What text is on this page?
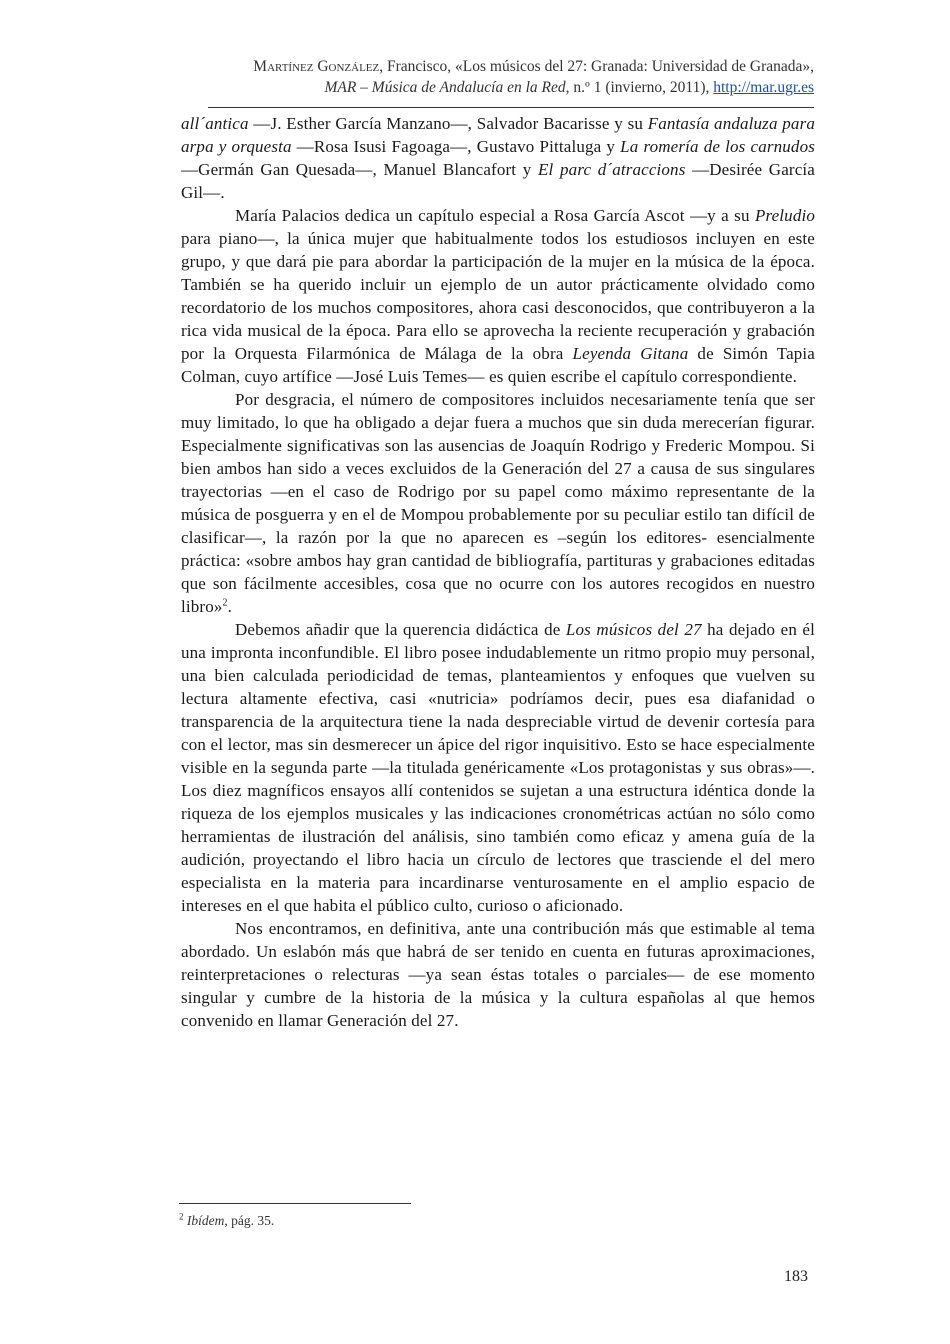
Martínez González, Francisco, «Los músicos del 27: Granada: Universidad de Granada»,
MAR – Música de Andalucía en la Red, n.º 1 (invierno, 2011), http://mar.ugr.es

all´antica —J. Esther García Manzano—, Salvador Bacarisse y su Fantasía andaluza para arpa y orquesta —Rosa Isusi Fagoaga—, Gustavo Pittaluga y La romería de los carnudos —Germán Gan Quesada—, Manuel Blancafort y El parc d´atraccions —Desirée García Gil—.

María Palacios dedica un capítulo especial a Rosa García Ascot —y a su Preludio para piano—, la única mujer que habitualmente todos los estudiosos incluyen en este grupo, y que dará pie para abordar la participación de la mujer en la música de la época. También se ha querido incluir un ejemplo de un autor prácticamente olvidado como recordatorio de los muchos compositores, ahora casi desconocidos, que contribuyeron a la rica vida musical de la época. Para ello se aprovecha la reciente recuperación y grabación por la Orquesta Filarmónica de Málaga de la obra Leyenda Gitana de Simón Tapia Colman, cuyo artífice —José Luis Temes— es quien escribe el capítulo correspondiente.

Por desgracia, el número de compositores incluidos necesariamente tenía que ser muy limitado, lo que ha obligado a dejar fuera a muchos que sin duda merecerían figurar. Especialmente significativas son las ausencias de Joaquín Rodrigo y Frederic Mompou. Si bien ambos han sido a veces excluidos de la Generación del 27 a causa de sus singulares trayectorias —en el caso de Rodrigo por su papel como máximo representante de la música de posguerra y en el de Mompou probablemente por su peculiar estilo tan difícil de clasificar—, la razón por la que no aparecen es –según los editores- esencialmente práctica: «sobre ambos hay gran cantidad de bibliografía, partituras y grabaciones editadas que son fácilmente accesibles, cosa que no ocurre con los autores recogidos en nuestro libro»$^2$.

Debemos añadir que la querencia didáctica de Los músicos del 27 ha dejado en él una impronta inconfundible. El libro posee indudablemente un ritmo propio muy personal, una bien calculada periodicidad de temas, planteamientos y enfoques que vuelven su lectura altamente efectiva, casi «nutricia» podríamos decir, pues esa diafanidad o transparencia de la arquitectura tiene la nada despreciable virtud de devenir cortesía para con el lector, mas sin desmerecer un ápice del rigor inquisitivo. Esto se hace especialmente visible en la segunda parte —la titulada genéricamente «Los protagonistas y sus obras»—. Los diez magníficos ensayos allí contenidos se sujetan a una estructura idéntica donde la riqueza de los ejemplos musicales y las indicaciones cronométricas actúan no sólo como herramientas de ilustración del análisis, sino también como eficaz y amena guía de la audición, proyectando el libro hacia un círculo de lectores que trasciende el del mero especialista en la materia para incardinarse venturosamente en el amplio espacio de intereses en el que habita el público culto, curioso o aficionado.

Nos encontramos, en definitiva, ante una contribución más que estimable al tema abordado. Un eslabón más que habrá de ser tenido en cuenta en futuras aproximaciones, reinterpretaciones o relecturas —ya sean éstas totales o parciales— de ese momento singular y cumbre de la historia de la música y la cultura españolas al que hemos convenido en llamar Generación del 27.

$^2$ Ibídem, pág. 35.
183
